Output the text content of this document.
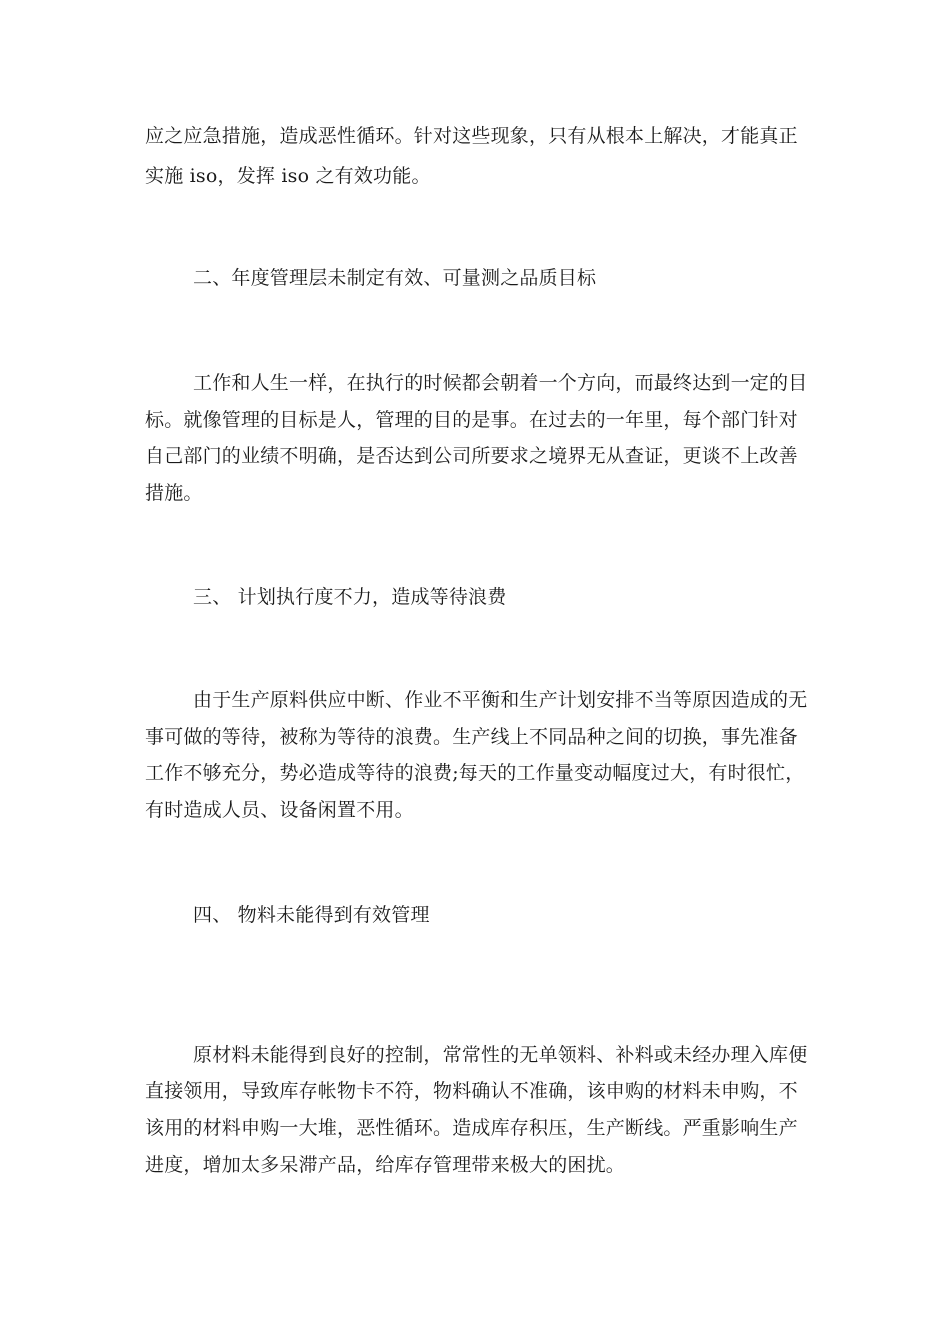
应之应急措施，造成恶性循环。针对这些现象，只有从根本上解决，才能真正
实施 iso，发挥 iso 之有效功能。
二、年度管理层未制定有效、可量测之品质目标
工作和人生一样，在执行的时候都会朝着一个方向，而最终达到一定的目
标。就像管理的目标是人，管理的目的是事。在过去的一年里，每个部门针对
自己部门的业绩不明确，是否达到公司所要求之境界无从查证，更谈不上改善
措施。
三、 计划执行度不力，造成等待浪费
由于生产原料供应中断、作业不平衡和生产计划安排不当等原因造成的无
事可做的等待，被称为等待的浪费。生产线上不同品种之间的切换，事先准备
工作不够充分，势必造成等待的浪费;每天的工作量变动幅度过大，有时很忙，
有时造成人员、设备闲置不用。
四、 物料未能得到有效管理
原材料未能得到良好的控制，常常性的无单领料、补料或未经办理入库便
直接领用，导致库存帐物卡不符，物料确认不准确，该申购的材料未申购，不
该用的材料申购一大堆，恶性循环。造成库存积压，生产断线。严重影响生产
进度，增加太多呆滞产品，给库存管理带来极大的困扰。
